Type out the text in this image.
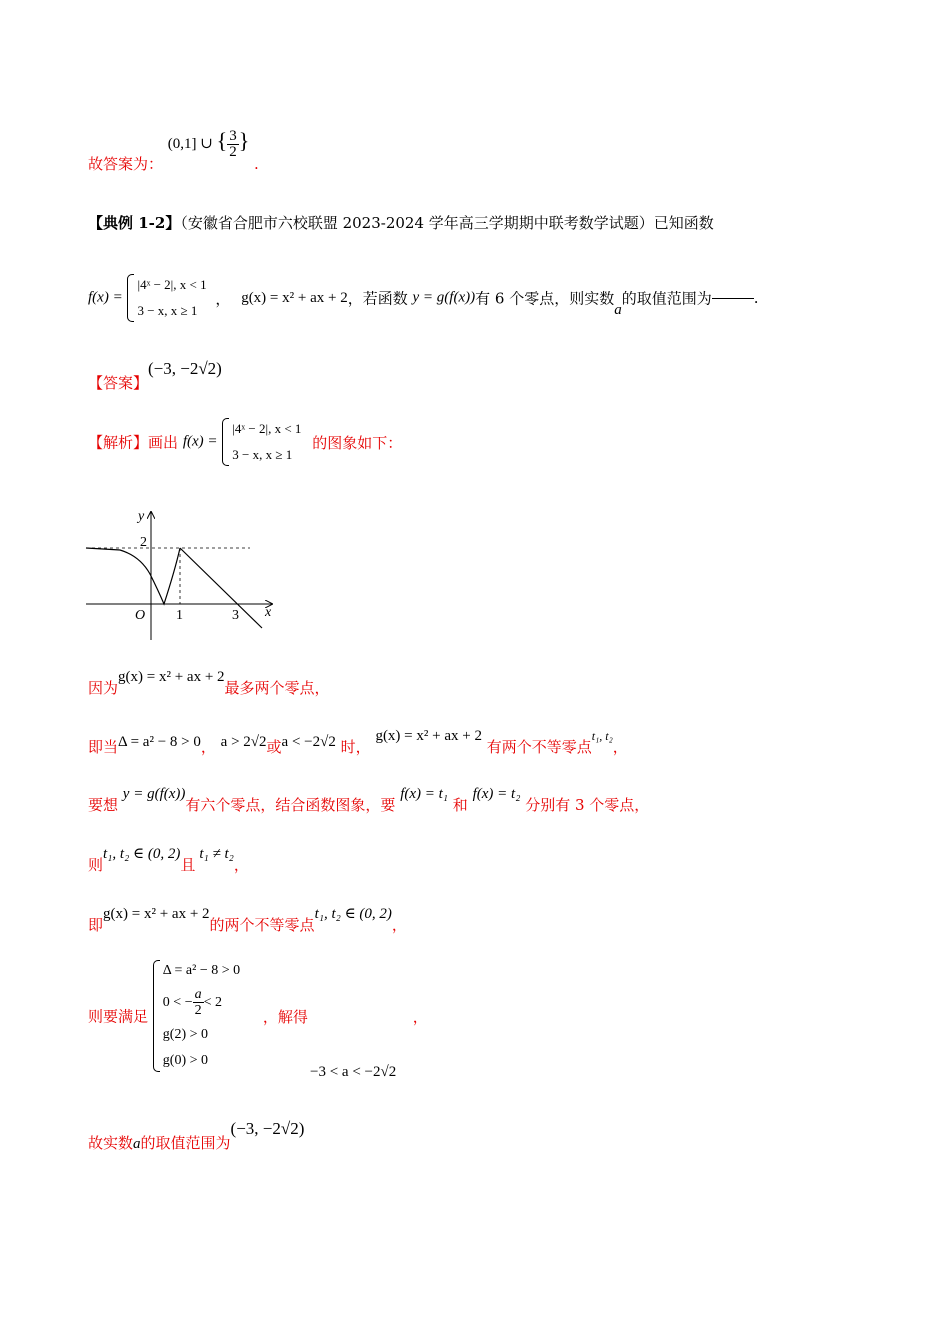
故答案为： (0,1] ∪ { $\frac{3}{2}$ } .
【典例 1-2】（安徽省合肥市六校联盟 2023-2024 学年高三学期期中联考数学试题）已知函数
f(x) =
|4ˣ − 2|, x < 1
3 − x, x ≥ 1
， g(x) = x² + ax + 2，若函数 y = g(f(x))有 6 个零点，则实数a的取值范围为	.
【答案】(−3, −2√2)
【解析】画出 f(x) =
|4ˣ − 2|, x < 1
3 − x, x ≥ 1
的图象如下：
y
x
O
2
1	3
因为g(x) = x² + ax + 2最多两个零点，
即当Δ = a² − 8 > 0， a > 2√2或a < −2√2 时， g(x) = x² + ax + 2 有两个不等零点t₁, t₂，
要想 y = g(f(x))有六个零点，结合函数图象，要 f(x) = t₁ 和 f(x) = t₂ 分别有 3 个零点，
则t₁, t₂ ∈ (0, 2)且t₁ ≠ t₂，
即g(x) = x² + ax + 2的两个不等零点t₁, t₂ ∈ (0, 2)，
则要满足
Δ = a² − 8 > 0
0 < − $\frac{a}{2} < 2$
g(2) > 0
g(0) > 0
，解得	，
−3 < a < −2√2
故实数a的取值范围为(−3, −2√2)
